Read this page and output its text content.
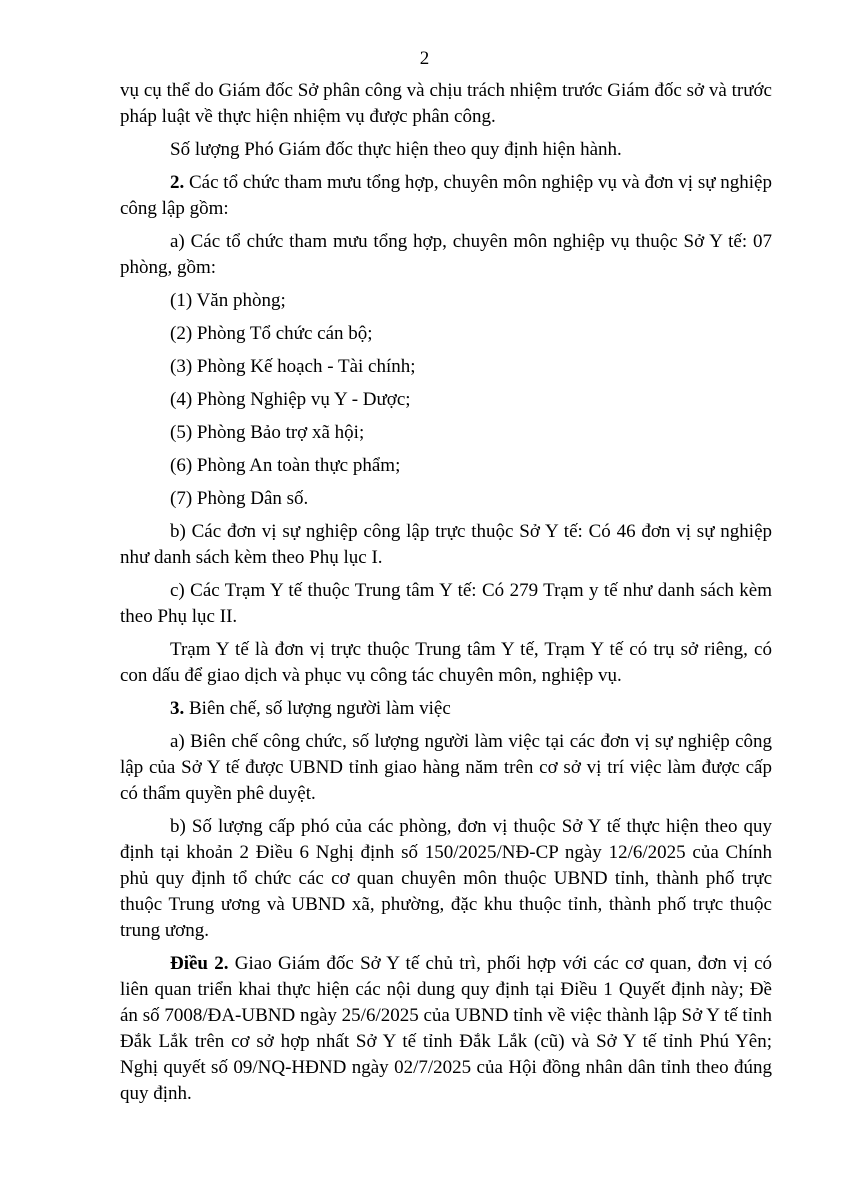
2

vụ cụ thể do Giám đốc Sở phân công và chịu trách nhiệm trước Giám đốc sở và trước pháp luật về thực hiện nhiệm vụ được phân công.

Số lượng Phó Giám đốc thực hiện theo quy định hiện hành.

2. Các tổ chức tham mưu tổng hợp, chuyên môn nghiệp vụ và đơn vị sự nghiệp công lập gồm:

a) Các tổ chức tham mưu tổng hợp, chuyên môn nghiệp vụ thuộc Sở Y tế: 07 phòng, gồm:

(1) Văn phòng;

(2) Phòng Tổ chức cán bộ;

(3) Phòng Kế hoạch - Tài chính;

(4) Phòng Nghiệp vụ Y - Dược;

(5) Phòng Bảo trợ xã hội;

(6) Phòng An toàn thực phẩm;

(7) Phòng Dân số.

b) Các đơn vị sự nghiệp công lập trực thuộc Sở Y tế: Có 46 đơn vị sự nghiệp như danh sách kèm theo Phụ lục I.

c) Các Trạm Y tế thuộc Trung tâm Y tế: Có 279 Trạm y tế như danh sách kèm theo Phụ lục II.

Trạm Y tế là đơn vị trực thuộc Trung tâm Y tế, Trạm Y tế có trụ sở riêng, có con dấu để giao dịch và phục vụ công tác chuyên môn, nghiệp vụ.

3. Biên chế, số lượng người làm việc

a) Biên chế công chức, số lượng người làm việc tại các đơn vị sự nghiệp công lập của Sở Y tế được UBND tỉnh giao hàng năm trên cơ sở vị trí việc làm được cấp có thẩm quyền phê duyệt.

b) Số lượng cấp phó của các phòng, đơn vị thuộc Sở Y tế thực hiện theo quy định tại khoản 2 Điều 6 Nghị định số 150/2025/NĐ-CP ngày 12/6/2025 của Chính phủ quy định tổ chức các cơ quan chuyên môn thuộc UBND tỉnh, thành phố trực thuộc Trung ương và UBND xã, phường, đặc khu thuộc tỉnh, thành phố trực thuộc trung ương.

Điều 2. Giao Giám đốc Sở Y tế chủ trì, phối hợp với các cơ quan, đơn vị có liên quan triển khai thực hiện các nội dung quy định tại Điều 1 Quyết định này; Đề án số 7008/ĐA-UBND ngày 25/6/2025 của UBND tỉnh về việc thành lập Sở Y tế tỉnh Đắk Lắk trên cơ sở hợp nhất Sở Y tế tỉnh Đắk Lắk (cũ) và Sở Y tế tỉnh Phú Yên; Nghị quyết số 09/NQ-HĐND ngày 02/7/2025 của Hội đồng nhân dân tỉnh theo đúng quy định.
